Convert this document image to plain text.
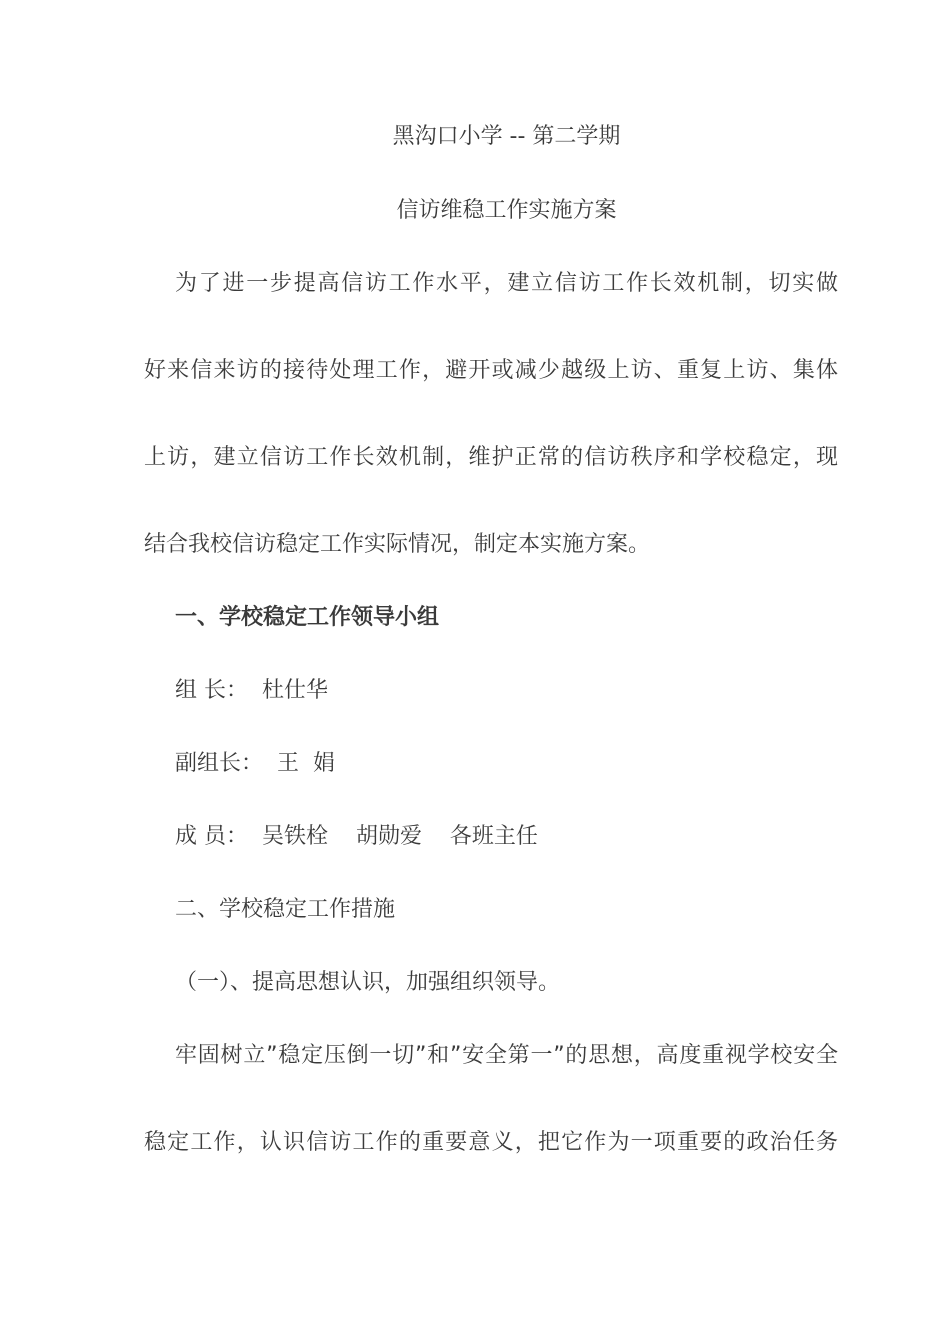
黑沟口小学 -- 第二学期
信访维稳工作实施方案
为了进一步提高信访工作水平，建立信访工作长效机制，切实做
好来信来访的接待处理工作，避开或减少越级上访、重复上访、集体
上访，建立信访工作长效机制，维护正常的信访秩序和学校稳定，现
结合我校信访稳定工作实际情况，制定本实施方案。
一、学校稳定工作领导小组
组 长：  杜仕华
副组长：  王  娟
成 员：  吴铁栓    胡勋爱    各班主任
二、学校稳定工作措施
（一）、提高思想认识，加强组织领导。
牢固树立”稳定压倒一切”和”安全第一”的思想，高度重视学校安全
稳定工作，认识信访工作的重要意义，把它作为一项重要的政治任务
